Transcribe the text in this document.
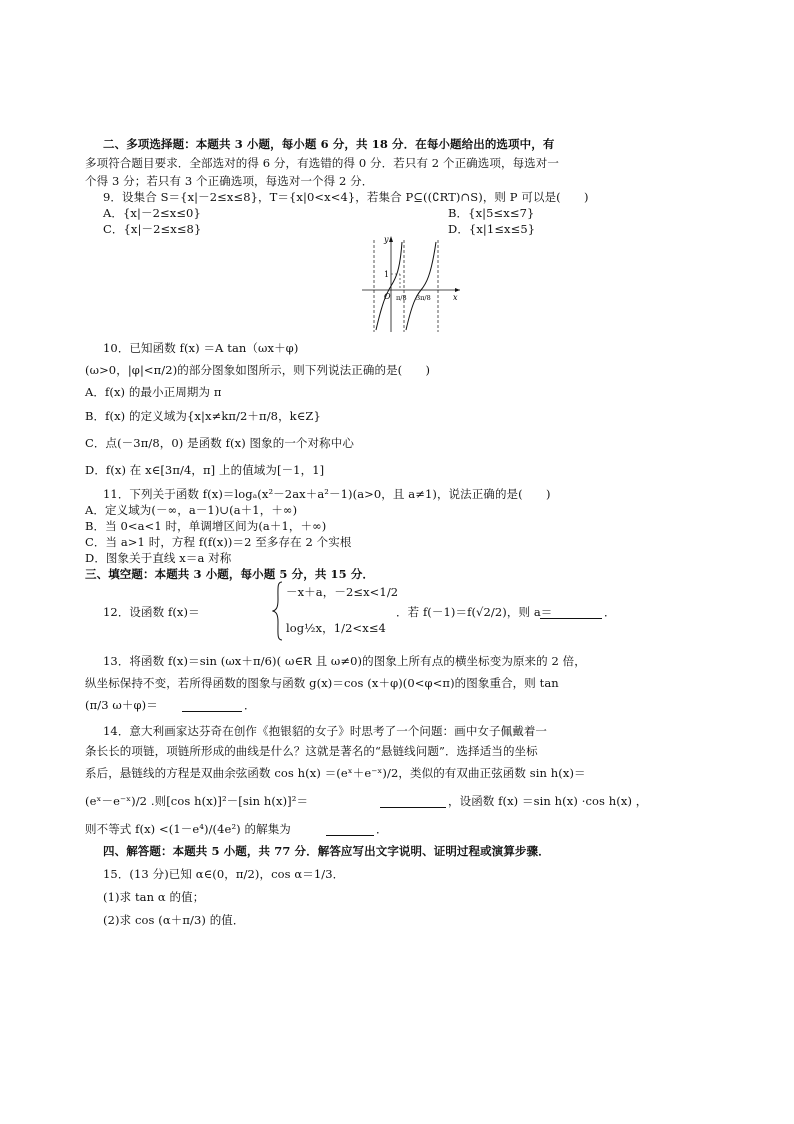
二、多项选择题：本题共 3 小题，每小题 6 分，共 18 分．在每小题给出的选项中，有
多项符合题目要求．全部选对的得 6 分，有选错的得 0 分．若只有 2 个正确选项，每选对一
个得 3 分；若只有 3 个正确选项，每选对一个得 2 分．
9．设集合 S＝{x|－2≤x≤8}，T＝{x|0<x<4}，若集合 P⊆((∁RT)∩S)，则 P 可以是(　　)
A．{x|－2≤x≤0}	B．{x|5≤x≤7}
C．{x|－2≤x≤8}	D．{x|1≤x≤5}
y
x
O
1
π/8 3π/8
10．已知函数 f(x) ＝A tan（ωx＋φ)
(ω>0，|φ|<π/2)的部分图象如图所示，则下列说法正确的是(　　)
A．f(x) 的最小正周期为 π
B．f(x) 的定义域为{x|x≠kπ/2＋π/8，k∈Z}
C．点(－3π/8，0) 是函数 f(x) 图象的一个对称中心
D．f(x) 在 x∈[3π/4，π] 上的值域为[－1，1]
11．下列关于函数 f(x)＝logₐ(x²－2ax＋a²－1)(a>0，且 a≠1)，说法正确的是(　　)
A．定义域为(－∞，a－1)∪(a＋1，＋∞)
B．当 0<a<1 时，单调增区间为(a＋1，＋∞)
C．当 a>1 时，方程 f(f(x))＝2 至多存在 2 个实根
D．图象关于直线 x＝a 对称
三、填空题：本题共 3 小题，每小题 5 分，共 15 分．
12．设函数 f(x)＝
－x＋a，－2≤x<1/2
log½x，1/2<x≤4
．若 f(－1)＝f(√2/2)，则 a＝	．
13．将函数 f(x)＝sin (ωx＋π/6)( ω∈R 且 ω≠0)的图象上所有点的横坐标变为原来的 2 倍，
纵坐标保持不变，若所得函数的图象与函数 g(x)＝cos (x＋φ)(0<φ<π)的图象重合，则 tan
(π/3 ω＋φ)＝	．
14．意大利画家达芬奇在创作《抱银貂的女子》时思考了一个问题：画中女子佩戴着一
条长长的项链，项链所形成的曲线是什么？这就是著名的“悬链线问题”．选择适当的坐标
系后，悬链线的方程是双曲余弦函数 cos h(x) ＝(eˣ＋e⁻ˣ)/2，类似的有双曲正弦函数 sin h(x)＝
(eˣ－e⁻ˣ)/2 .则[cos h(x)]²－[sin h(x)]²＝	，设函数 f(x) ＝sin h(x) ·cos h(x) ，
则不等式 f(x) <(1－e⁴)/(4e²) 的解集为	．
四、解答题：本题共 5 小题，共 77 分．解答应写出文字说明、证明过程或演算步骤．
15．(13 分)已知 α∈(0，π/2)，cos α＝1/3．
(1)求 tan α 的值；
(2)求 cos (α＋π/3) 的值．
